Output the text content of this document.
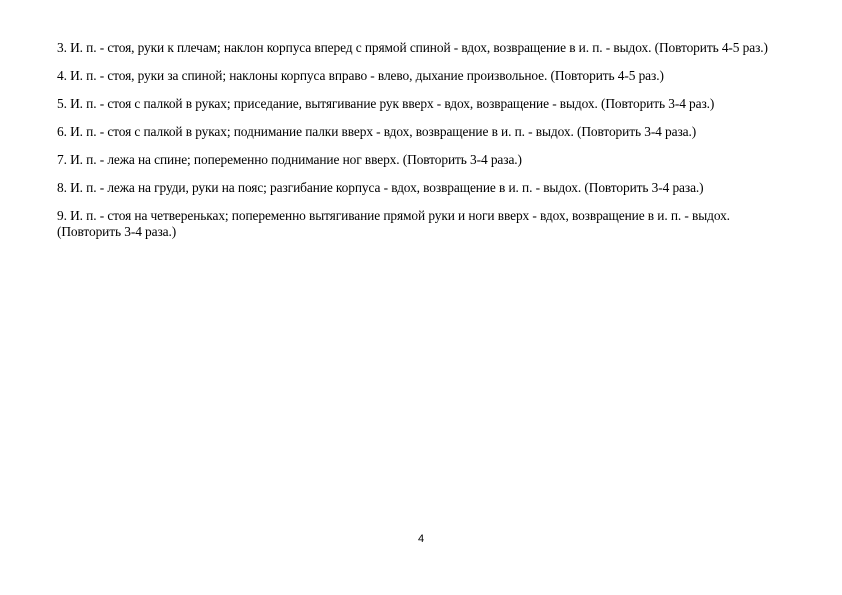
3. И. п. - стоя, руки к плечам; наклон корпуса вперед с прямой спиной - вдох, возвращение в и. п. - выдох. (Повторить 4-5 раз.)

4. И. п. - стоя, руки за спиной; наклоны корпуса вправо - влево, дыхание произвольное. (Повторить 4-5 раз.)

5. И. п. - стоя с палкой в руках; приседание, вытягивание рук вверх - вдох, возвращение - выдох. (Повторить 3-4 раз.)

6. И. п. - стоя с палкой в руках; поднимание палки вверх - вдох, возвращение в и. п. - выдох. (Повторить 3-4 раза.)

7. И. п. - лежа на спине; попеременно поднимание ног вверх. (Повторить 3-4 раза.)

8. И. п. - лежа на груди, руки на пояс; разгибание корпуса - вдох, возвращение в и. п. - выдох. (Повторить 3-4 раза.)

9. И. п. - стоя на четвереньках; попеременно вытягивание прямой руки и ноги вверх - вдох, возвращение в и. п. - выдох. (Повторить 3-4 раза.)

4
